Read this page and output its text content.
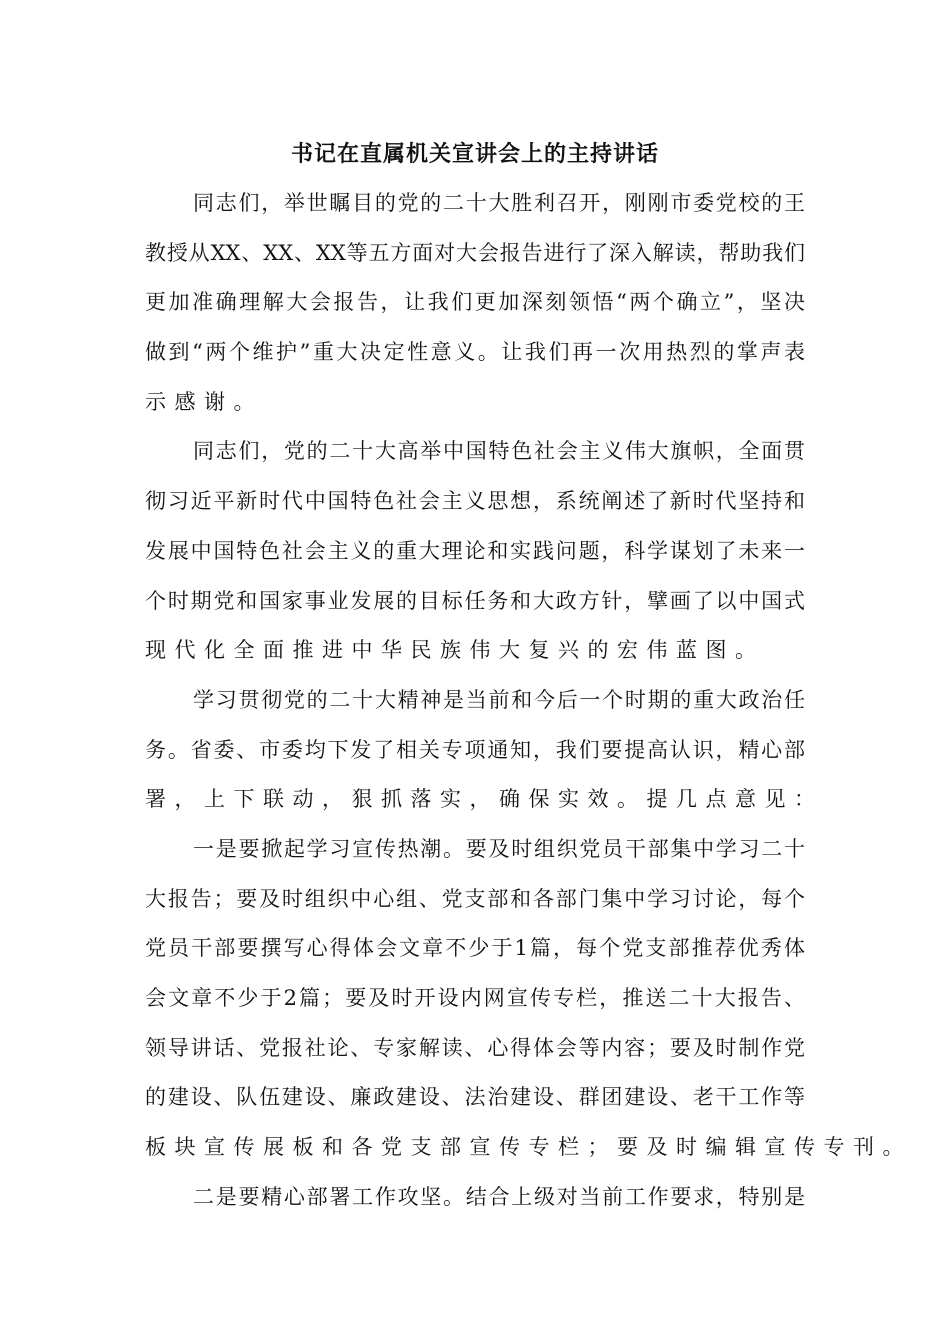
书记在直属机关宣讲会上的主持讲话
同志们，举世瞩目的党的二十大胜利召开，刚刚市委党校的王
教授从XX、XX、XX等五方面对大会报告进行了深入解读，帮助我们
更加准确理解大会报告，让我们更加深刻领悟“两个确立”，坚决
做到“两个维护”重大决定性意义。让我们再一次用热烈的掌声表
示感谢。
同志们，党的二十大高举中国特色社会主义伟大旗帜，全面贯
彻习近平新时代中国特色社会主义思想，系统阐述了新时代坚持和
发展中国特色社会主义的重大理论和实践问题，科学谋划了未来一
个时期党和国家事业发展的目标任务和大政方针，擘画了以中国式
现代化全面推进中华民族伟大复兴的宏伟蓝图。
学习贯彻党的二十大精神是当前和今后一个时期的重大政治任
务。省委、市委均下发了相关专项通知，我们要提高认识，精心部
署，上下联动，狠抓落实，确保实效。提几点意见：
一是要掀起学习宣传热潮。要及时组织党员干部集中学习二十
大报告；要及时组织中心组、党支部和各部门集中学习讨论，每个
党员干部要撰写心得体会文章不少于1篇，每个党支部推荐优秀体
会文章不少于2篇；要及时开设内网宣传专栏，推送二十大报告、
领导讲话、党报社论、专家解读、心得体会等内容；要及时制作党
的建设、队伍建设、廉政建设、法治建设、群团建设、老干工作等
板块宣传展板和各党支部宣传专栏；要及时编辑宣传专刊。
二是要精心部署工作攻坚。结合上级对当前工作要求，特别是
